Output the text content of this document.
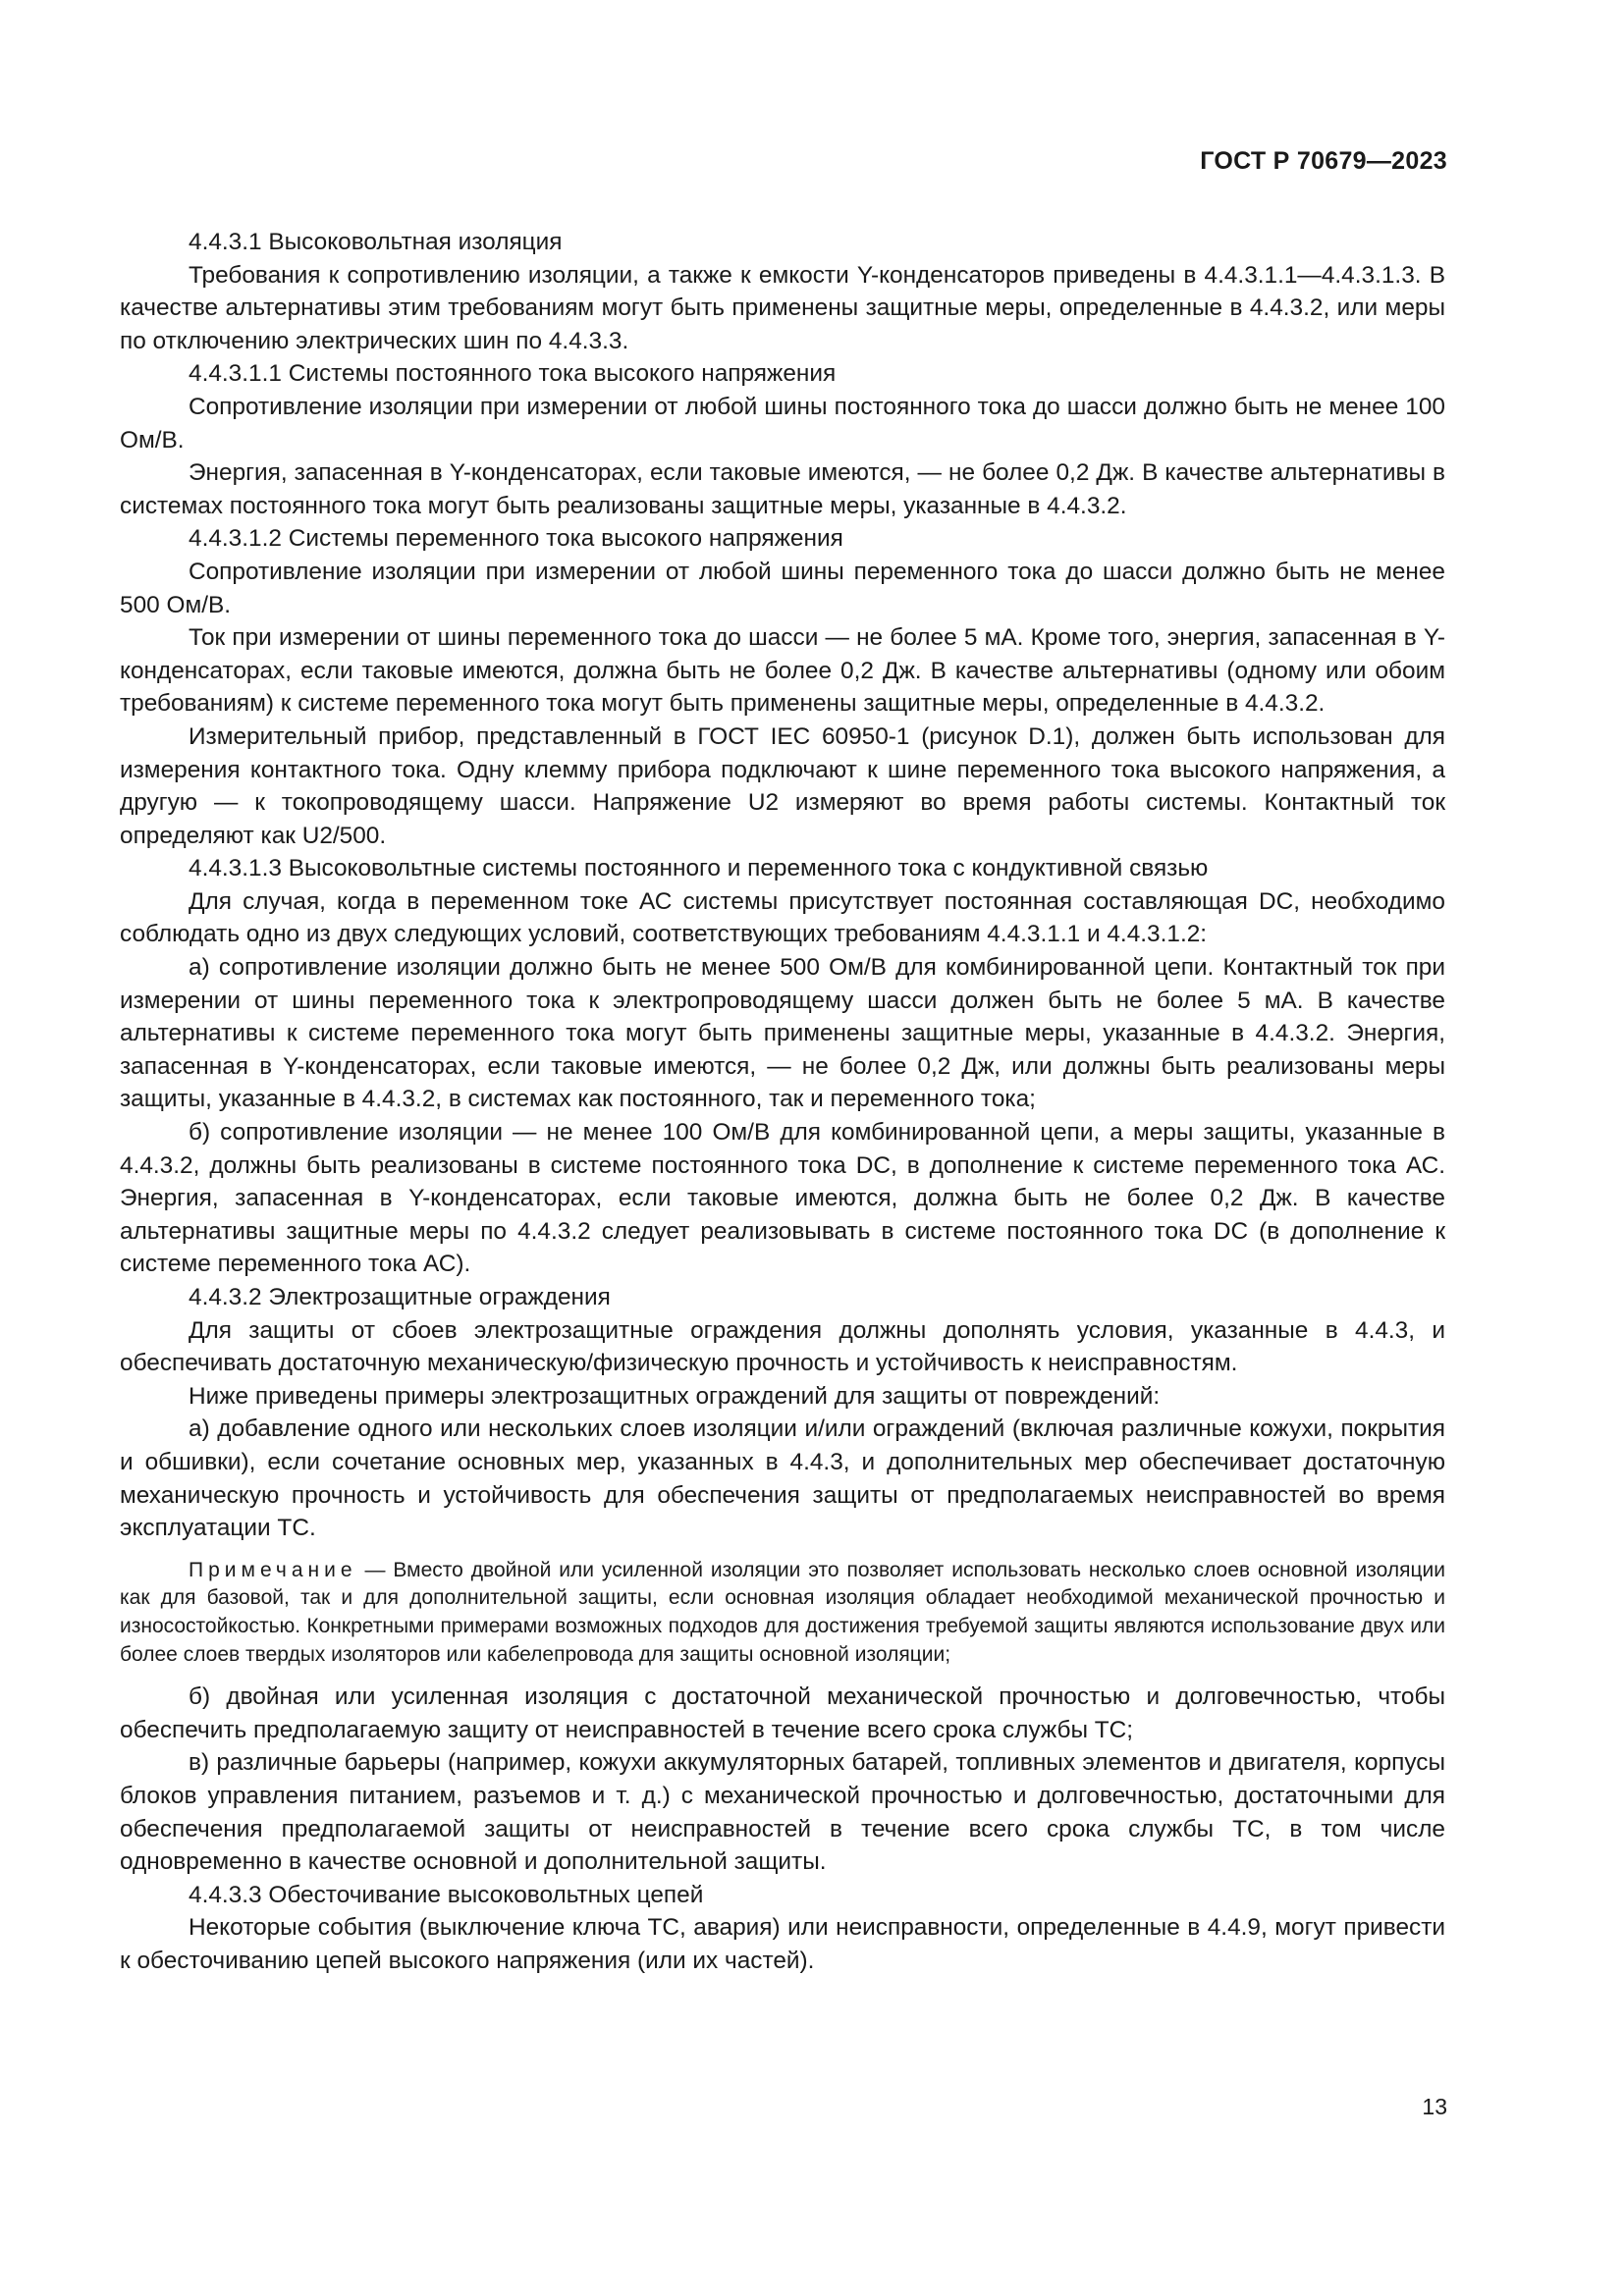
ГОСТ Р 70679—2023

4.4.3.1 Высоковольтная изоляция

Требования к сопротивлению изоляции, а также к емкости Y-конденсаторов приведены в 4.4.3.1.1—4.4.3.1.3. В качестве альтернативы этим требованиям могут быть применены защитные меры, определенные в 4.4.3.2, или меры по отключению электрических шин по 4.4.3.3.

4.4.3.1.1 Системы постоянного тока высокого напряжения

Сопротивление изоляции при измерении от любой шины постоянного тока до шасси должно быть не менее 100 Ом/В.

Энергия, запасенная в Y-конденсаторах, если таковые имеются, — не более 0,2 Дж. В качестве альтернативы в системах постоянного тока могут быть реализованы защитные меры, указанные в 4.4.3.2.

4.4.3.1.2 Системы переменного тока высокого напряжения

Сопротивление изоляции при измерении от любой шины переменного тока до шасси должно быть не менее 500 Ом/В.

Ток при измерении от шины переменного тока до шасси — не более 5 мА. Кроме того, энергия, запасенная в Y-конденсаторах, если таковые имеются, должна быть не более 0,2 Дж. В качестве альтернативы (одному или обоим требованиям) к системе переменного тока могут быть применены защитные меры, определенные в 4.4.3.2.

Измерительный прибор, представленный в ГОСТ IEC 60950-1 (рисунок D.1), должен быть использован для измерения контактного тока. Одну клемму прибора подключают к шине переменного тока высокого напряжения, а другую — к токопроводящему шасси. Напряжение U2 измеряют во время работы системы. Контактный ток определяют как U2/500.

4.4.3.1.3 Высоковольтные системы постоянного и переменного тока с кондуктивной связью

Для случая, когда в переменном токе АС системы присутствует постоянная составляющая DC, необходимо соблюдать одно из двух следующих условий, соответствующих требованиям 4.4.3.1.1 и 4.4.3.1.2:

а) сопротивление изоляции должно быть не менее 500 Ом/В для комбинированной цепи. Контактный ток при измерении от шины переменного тока к электропроводящему шасси должен быть не более 5 мА. В качестве альтернативы к системе переменного тока могут быть применены защитные меры, указанные в 4.4.3.2. Энергия, запасенная в Y-конденсаторах, если таковые имеются, — не более 0,2 Дж, или должны быть реализованы меры защиты, указанные в 4.4.3.2, в системах как постоянного, так и переменного тока;

б) сопротивление изоляции — не менее 100 Ом/В для комбинированной цепи, а меры защиты, указанные в 4.4.3.2, должны быть реализованы в системе постоянного тока DC, в дополнение к системе переменного тока АС. Энергия, запасенная в Y-конденсаторах, если таковые имеются, должна быть не более 0,2 Дж. В качестве альтернативы защитные меры по 4.4.3.2 следует реализовывать в системе постоянного тока DC (в дополнение к системе переменного тока АС).

4.4.3.2 Электрозащитные ограждения

Для защиты от сбоев электрозащитные ограждения должны дополнять условия, указанные в 4.4.3, и обеспечивать достаточную механическую/физическую прочность и устойчивость к неисправностям.

Ниже приведены примеры электрозащитных ограждений для защиты от повреждений:

а) добавление одного или нескольких слоев изоляции и/или ограждений (включая различные кожухи, покрытия и обшивки), если сочетание основных мер, указанных в 4.4.3, и дополнительных мер обеспечивает достаточную механическую прочность и устойчивость для обеспечения защиты от предполагаемых неисправностей во время эксплуатации ТС.

Примечание — Вместо двойной или усиленной изоляции это позволяет использовать несколько слоев основной изоляции как для базовой, так и для дополнительной защиты, если основная изоляция обладает необходимой механической прочностью и износостойкостью. Конкретными примерами возможных подходов для достижения требуемой защиты являются использование двух или более слоев твердых изоляторов или кабелепровода для защиты основной изоляции;

б) двойная или усиленная изоляция с достаточной механической прочностью и долговечностью, чтобы обеспечить предполагаемую защиту от неисправностей в течение всего срока службы ТС;

в) различные барьеры (например, кожухи аккумуляторных батарей, топливных элементов и двигателя, корпусы блоков управления питанием, разъемов и т. д.) с механической прочностью и долговечностью, достаточными для обеспечения предполагаемой защиты от неисправностей в течение всего срока службы ТС, в том числе одновременно в качестве основной и дополнительной защиты.

4.4.3.3 Обесточивание высоковольтных цепей

Некоторые события (выключение ключа ТС, авария) или неисправности, определенные в 4.4.9, могут привести к обесточиванию цепей высокого напряжения (или их частей).

13
